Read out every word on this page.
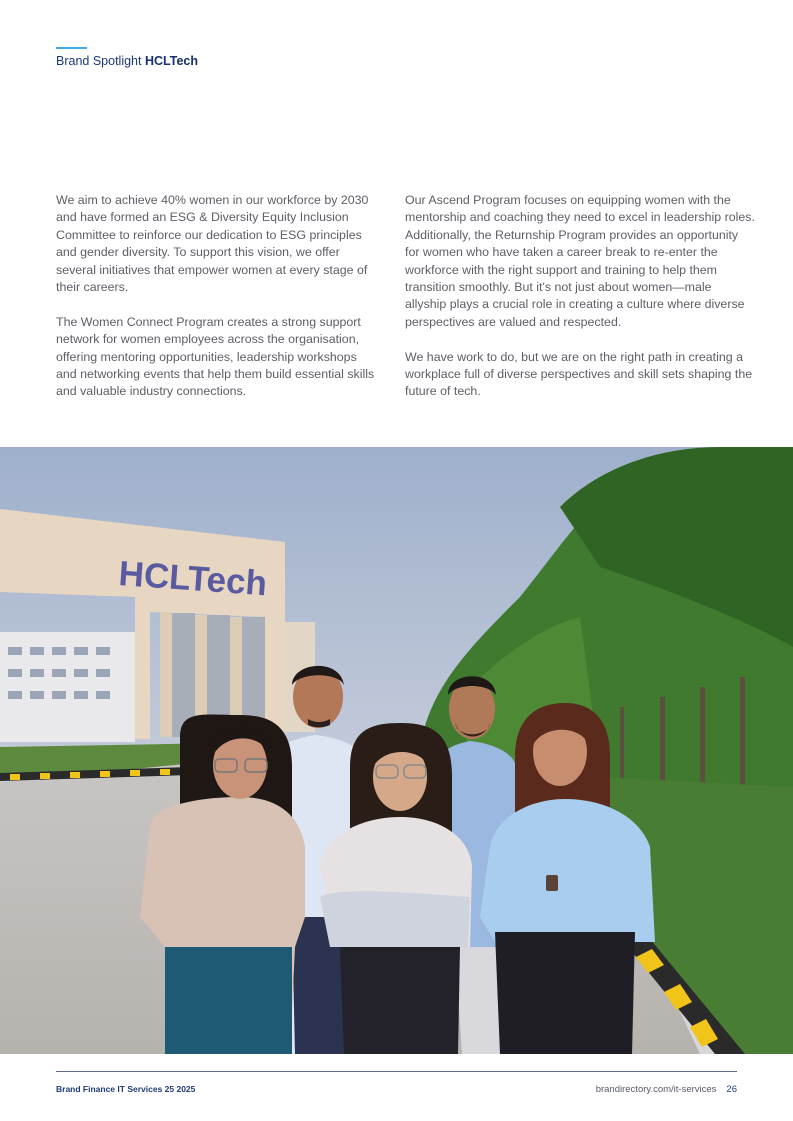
Brand Spotlight HCLTech

We aim to achieve 40% women in our workforce by 2030 and have formed an ESG & Diversity Equity Inclusion Committee to reinforce our dedication to ESG principles and gender diversity. To support this vision, we offer several initiatives that empower women at every stage of their careers.

The Women Connect Program creates a strong support network for women employees across the organisation, offering mentoring opportunities, leadership workshops and networking events that help them build essential skills and valuable industry connections.

Our Ascend Program focuses on equipping women with the mentorship and coaching they need to excel in leadership roles. Additionally, the Returnship Program provides an opportunity for women who have taken a career break to re-enter the workforce with the right support and training to help them transition smoothly. But it's not just about women—male allyship plays a crucial role in creating a culture where diverse perspectives are valued and respected.

We have work to do, but we are on the right path in creating a workplace full of diverse perspectives and skill sets shaping the future of tech.

HCLTech
Brand Finance IT Services 25 2025	brandirectory.com/it-services 26
